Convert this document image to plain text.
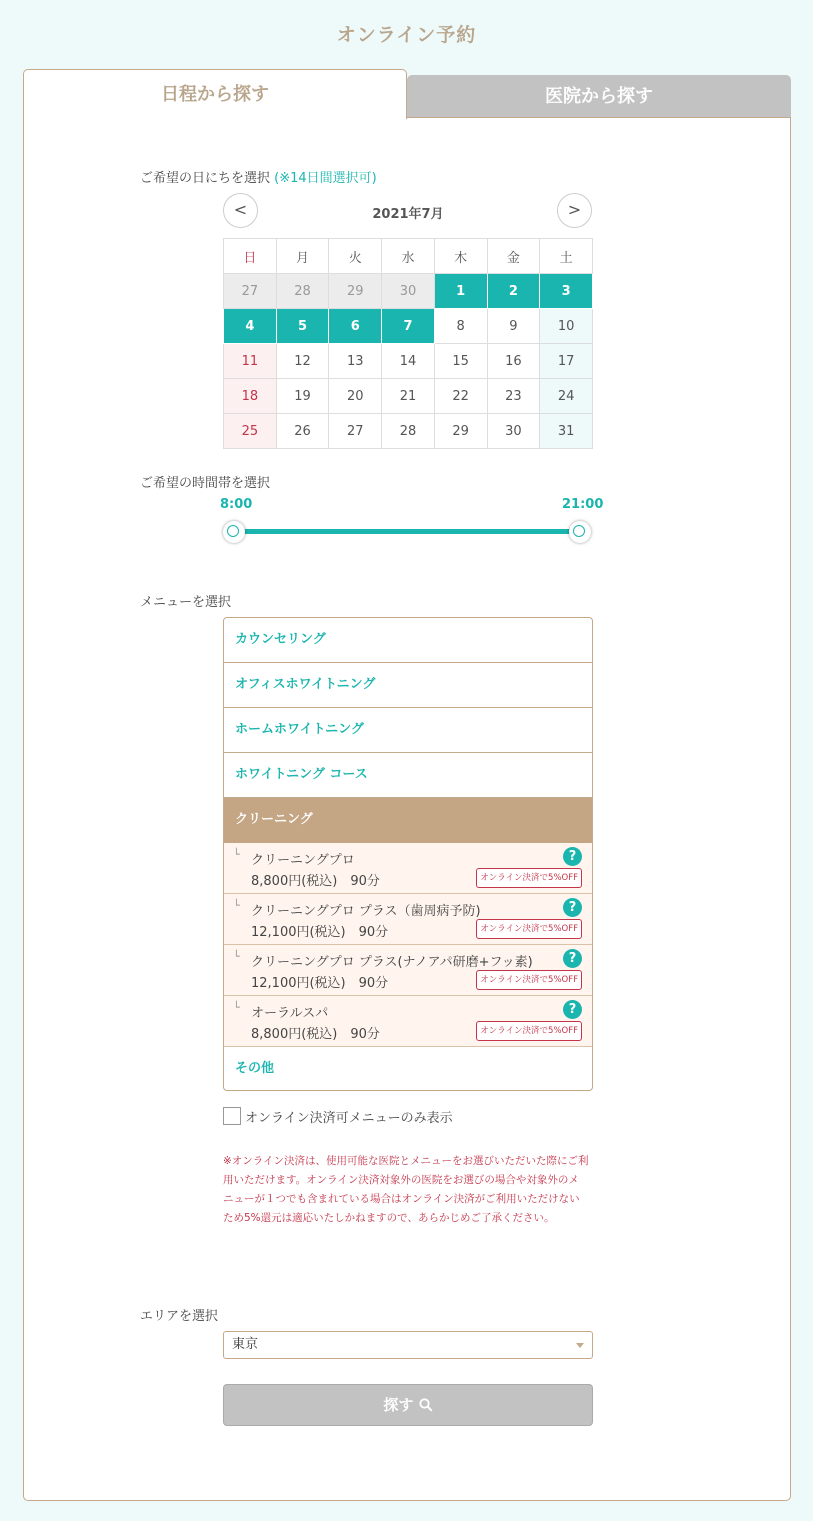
オンライン予約
日程から探す	医院から探す
ご希望の日にちを選択 (※14日間選択可)
<	2021年7月	>
日	月	火	水	木	金	土
27	28	29	30	1	2	3
4	5	6	7	8	9	10
11	12	13	14	15	16	17
18	19	20	21	22	23	24
25	26	27	28	29	30	31
ご希望の時間帯を選択
8:00	21:00
メニューを選択
カウンセリング
オフィスホワイトニング
ホームホワイトニング
ホワイトニング コース
クリーニング
└ クリーニングプロ
8,800円(税込)　90分
?
オンライン決済で5%OFF
└ クリーニングプロ プラス（歯周病予防)
12,100円(税込)　90分
?
オンライン決済で5%OFF
└ クリーニングプロ プラス(ナノアパ研磨+フッ素)
12,100円(税込)　90分
?
オンライン決済で5%OFF
└ オーラルスパ
8,800円(税込)　90分
?
オンライン決済で5%OFF
その他
オンライン決済可メニューのみ表示
※オンライン決済は、使用可能な医院とメニューをお選びいただいた際にご利用いただけます。オンライン決済対象外の医院をお選びの場合や対象外のメニューが１つでも含まれている場合はオンライン決済がご利用いただけないため5%還元は適応いたしかねますので、あらかじめご了承ください。
エリアを選択
東京
探す
